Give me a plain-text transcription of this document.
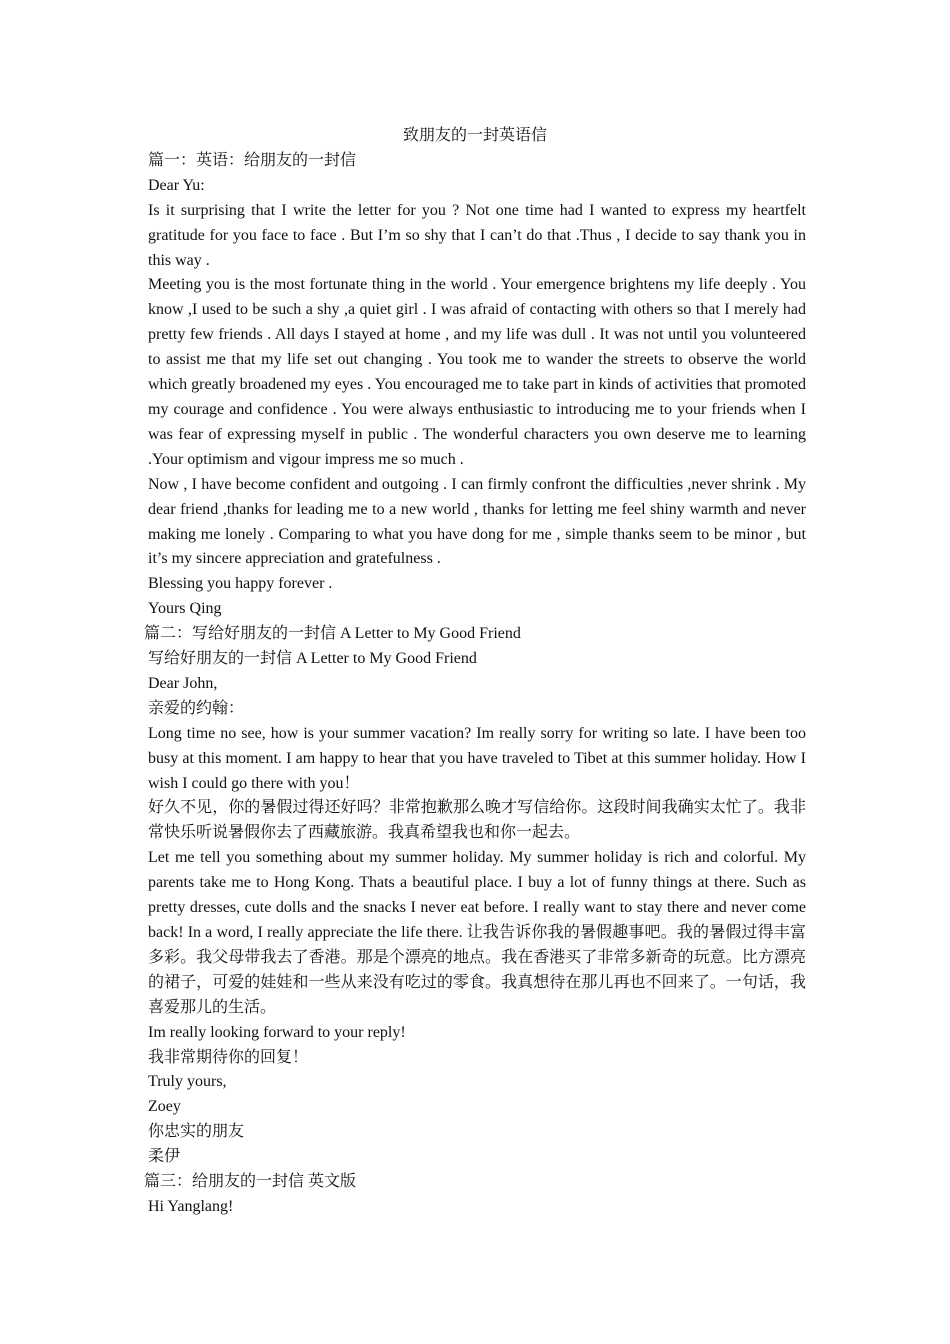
致朋友的一封英语信

篇一：英语：给朋友的一封信

Dear Yu:

Is it surprising that I write the letter for you ? Not one time had I wanted to express my heartfelt gratitude for you face to face . But I’m so shy that I can’t do that .Thus , I decide to say thank you in this way .

Meeting you is the most fortunate thing in the world . Your emergence brightens my life deeply . You know ,I used to be such a shy ,a quiet girl . I was afraid of contacting with others so that I merely had pretty few friends . All days I stayed at home , and my life was dull . It was not until you volunteered to assist me that my life set out changing . You took me to wander the streets to observe the world which greatly broadened my eyes . You encouraged me to take part in kinds of activities that promoted my courage and confidence . You were always enthusiastic to introducing me to your friends when I was fear of expressing myself in public . The wonderful characters you own deserve me to learning .Your optimism and vigour impress me so much .

Now , I have become confident and outgoing . I can firmly confront the difficulties ,never shrink . My dear friend ,thanks for leading me to a new world , thanks for letting me feel shiny warmth and never making me lonely . Comparing to what you have dong for me , simple thanks seem to be minor , but it’s my sincere appreciation and gratefulness .

Blessing you happy forever .

Yours Qing

篇二：写给好朋友的一封信 A Letter to My Good Friend

写给好朋友的一封信 A Letter to My Good Friend

Dear John,

亲爱的约翰：

Long time no see, how is your summer vacation? Im really sorry for writing so late. I have been too busy at this moment. I am happy to hear that you have traveled to Tibet at this summer holiday. How I wish I could go there with you！

好久不见，你的暑假过得还好吗？非常抱歉那么晚才写信给你。这段时间我确实太忙了。我非常快乐听说暑假你去了西藏旅游。我真希望我也和你一起去。

Let me tell you something about my summer holiday. My summer holiday is rich and colorful. My parents take me to Hong Kong. Thats a beautiful place. I buy a lot of funny things at there. Such as pretty dresses, cute dolls and the snacks I never eat before. I really want to stay there and never come back! In a word, I really appreciate the life there. 让我告诉你我的暑假趣事吧。我的暑假过得丰富多彩。我父母带我去了香港。那是个漂亮的地点。我在香港买了非常多新奇的玩意。比方漂亮的裙子，可爱的娃娃和一些从来没有吃过的零食。我真想待在那儿再也不回来了。一句话，我喜爱那儿的生活。

Im really looking forward to your reply!

我非常期待你的回复！

Truly yours,

Zoey

你忠实的朋友

柔伊

篇三：给朋友的一封信 英文版

Hi Yanglang!
